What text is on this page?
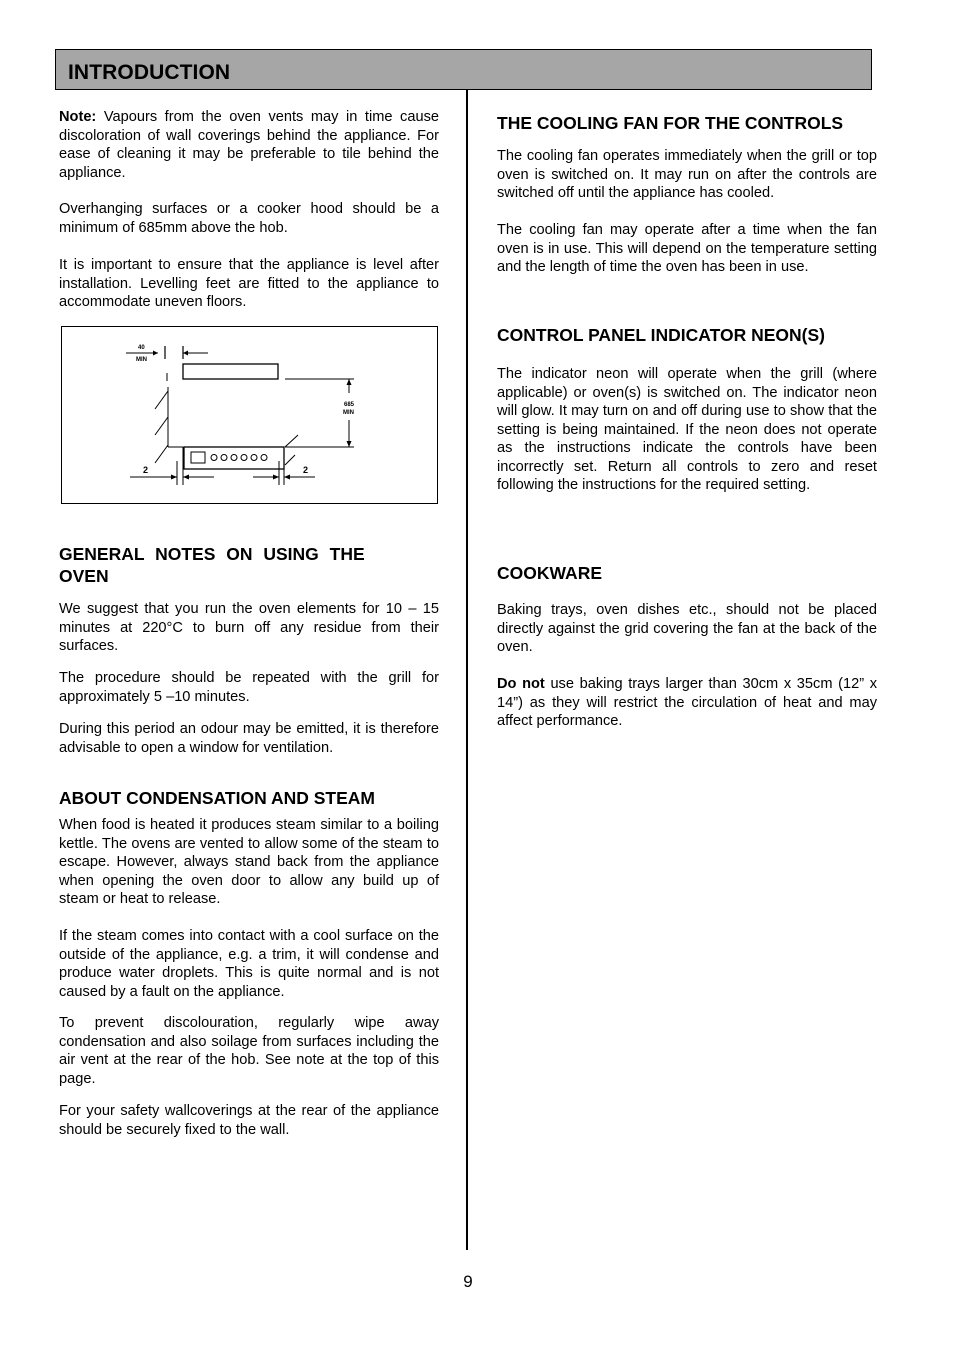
INTRODUCTION

Note: Vapours from the oven vents may in time cause discoloration of wall coverings behind the appliance. For ease of cleaning it may be preferable to tile behind the appliance.

Overhanging surfaces or a cooker hood should be a minimum of 685mm above the hob.

It is important to ensure that the appliance is level after installation. Levelling feet are fitted to the appliance to accommodate uneven floors.

40
MIN
685
MIN
2	2
GENERAL NOTES ON USING THE OVEN

We suggest that you run the oven elements for 10 – 15 minutes at 220°C to burn off any residue from their surfaces.

The procedure should be repeated with the grill for approximately 5 –10 minutes.

During this period an odour may be emitted, it is therefore advisable to open a window for ventilation.

ABOUT CONDENSATION AND STEAM

When food is heated it produces steam similar to a boiling kettle. The ovens are vented to allow some of the steam to escape. However, always stand back from the appliance when opening the oven door to allow any build up of steam or heat to release.

If the steam comes into contact with a cool surface on the outside of the appliance, e.g. a trim, it will condense and produce water droplets. This is quite normal and is not caused by a fault on the appliance.

To prevent discolouration, regularly wipe away condensation and also soilage from surfaces including the air vent at the rear of the hob. See note at the top of this page.

For your safety wallcoverings at the rear of the appliance should be securely fixed to the wall.

THE COOLING FAN FOR THE CONTROLS

The cooling fan operates immediately when the grill or top oven is switched on. It may run on after the controls are switched off until the appliance has cooled.

The cooling fan may operate after a time when the fan oven is in use. This will depend on the temperature setting and the length of time the oven has been in use.

CONTROL PANEL INDICATOR NEON(S)

The indicator neon will operate when the grill (where applicable) or oven(s) is switched on. The indicator neon will glow. It may turn on and off during use to show that the setting is being maintained. If the neon does not operate as the instructions indicate the controls have been incorrectly set. Return all controls to zero and reset following the instructions for the required setting.

COOKWARE

Baking trays, oven dishes etc., should not be placed directly against the grid covering the fan at the back of the oven.

Do not use baking trays larger than 30cm x 35cm (12” x 14”) as they will restrict the circulation of heat and may affect performance.

9
